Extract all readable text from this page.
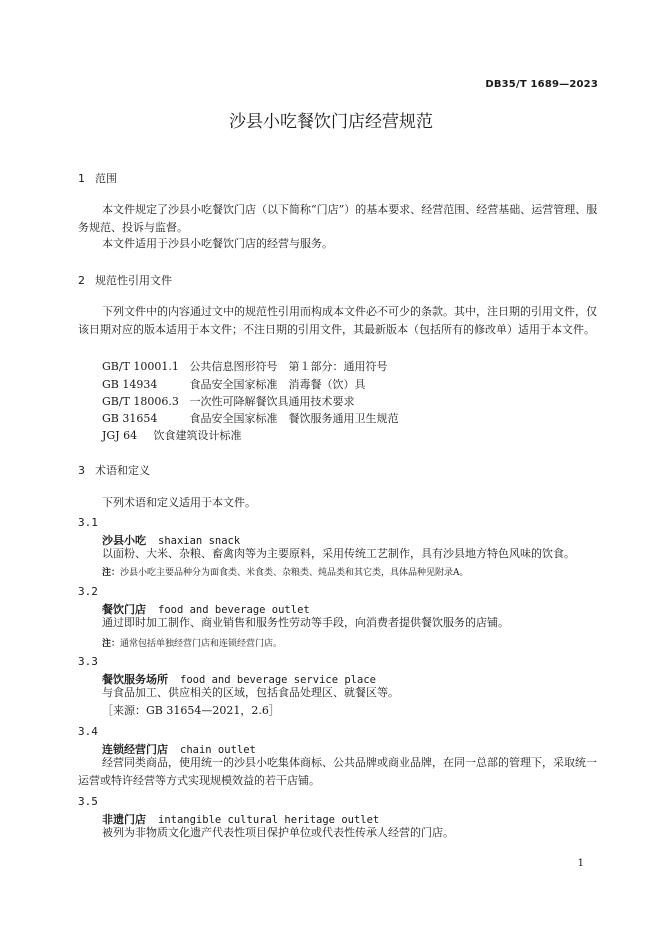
DB35/T 1689—2023
沙县小吃餐饮门店经营规范
1 范围
本文件规定了沙县小吃餐饮门店（以下简称“门店”）的基本要求、经营范围、经营基础、运营管理、服务规范、投诉与监督。
本文件适用于沙县小吃餐饮门店的经营与服务。
2 规范性引用文件
下列文件中的内容通过文中的规范性引用而构成本文件必不可少的条款。其中，注日期的引用文件，仅该日期对应的版本适用于本文件；不注日期的引用文件，其最新版本（包括所有的修改单）适用于本文件。
GB/T 10001.1 公共信息图形符号　第１部分：通用符号
GB 14934	食品安全国家标准　消毒餐（饮）具
GB/T 18006.3 一次性可降解餐饮具通用技术要求
GB 31654	食品安全国家标准　餐饮服务通用卫生规范
JGJ 64 饮食建筑设计标准
3 术语和定义
下列术语和定义适用于本文件。
3.1
沙县小吃 shaxian snack
以面粉、大米、杂粮、畜禽肉等为主要原料，采用传统工艺制作，具有沙县地方特色风味的饮食。
注：沙县小吃主要品种分为面食类、米食类、杂粮类、炖品类和其它类，具体品种见附录A。
3.2
餐饮门店 food and beverage outlet
通过即时加工制作、商业销售和服务性劳动等手段，向消费者提供餐饮服务的店铺。
注：通常包括单独经营门店和连锁经营门店。
3.3
餐饮服务场所 food and beverage service place
与食品加工、供应相关的区域，包括食品处理区、就餐区等。
［来源：GB 31654—2021，2.6］
3.4
连锁经营门店 chain outlet
经营同类商品，使用统一的沙县小吃集体商标、公共品牌或商业品牌，在同一总部的管理下，采取统一运营或特许经营等方式实现规模效益的若干店铺。
3.5
非遗门店 intangible cultural heritage outlet
被列为非物质文化遗产代表性项目保护单位或代表性传承人经营的门店。
1
